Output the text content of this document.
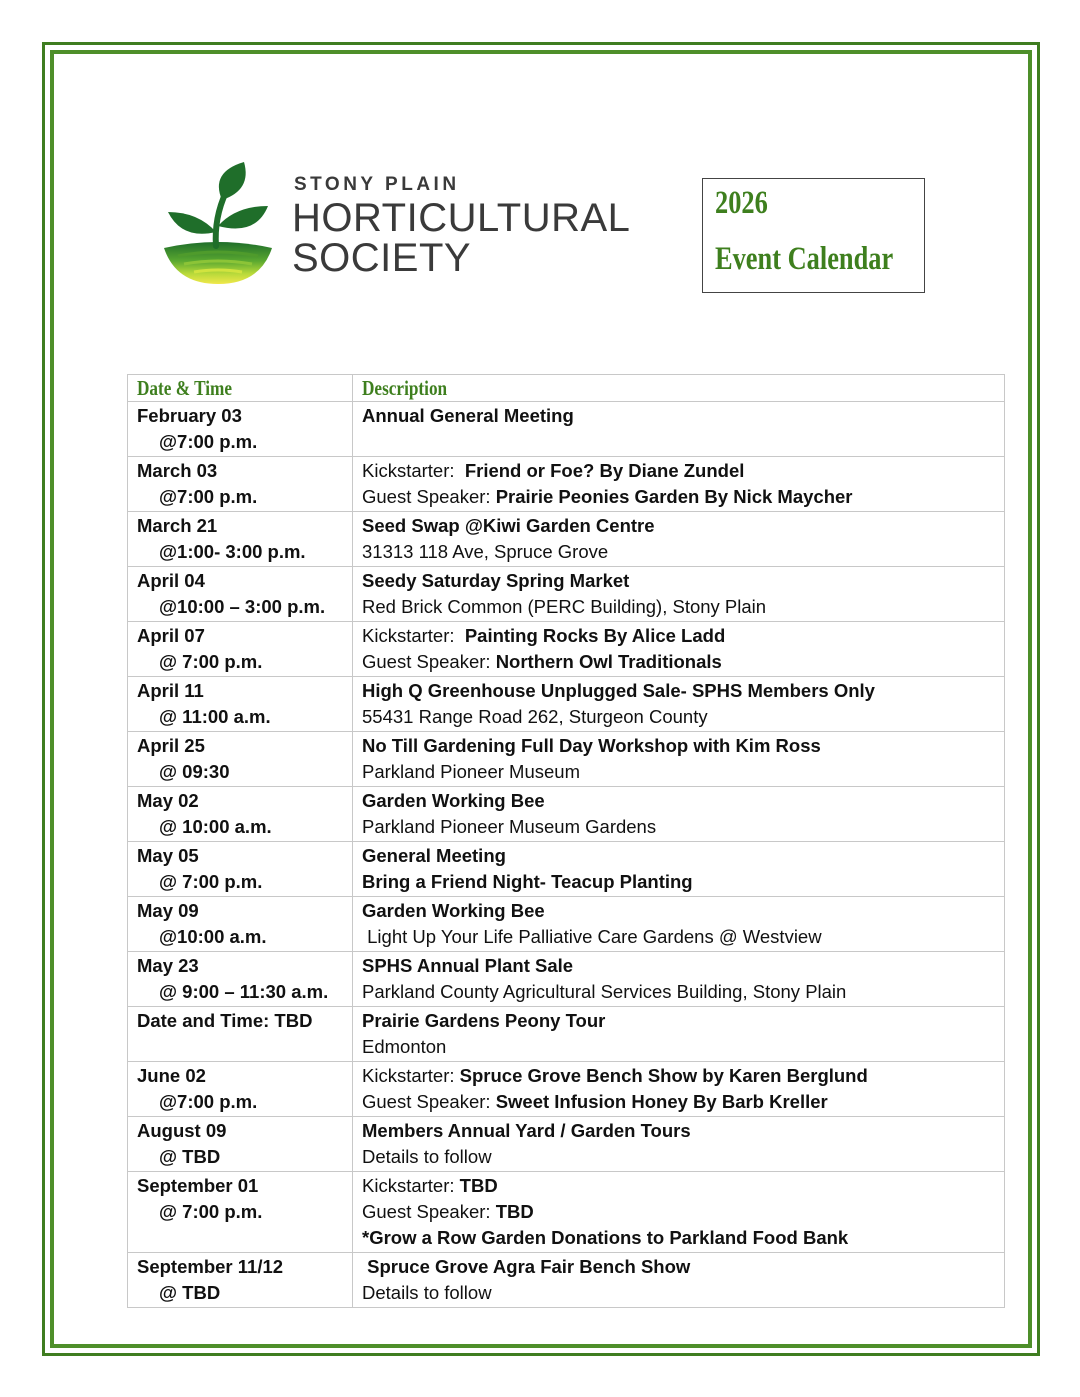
STONY PLAIN
HORTICULTURAL
SOCIETY
2026
Event Calendar
Date & Time	Description

February 03
@7:00 p.m.	Annual General Meeting

March 03
@7:00 p.m.	Kickstarter:  Friend or Foe? By Diane Zundel
Guest Speaker: Prairie Peonies Garden By Nick Maycher

March 21
@1:00- 3:00 p.m.	Seed Swap @Kiwi Garden Centre
31313 118 Ave, Spruce Grove

April 04
@10:00 – 3:00 p.m.	Seedy Saturday Spring Market
Red Brick Common (PERC Building), Stony Plain

April 07
@ 7:00 p.m.	Kickstarter:  Painting Rocks By Alice Ladd
Guest Speaker: Northern Owl Traditionals

April 11
@ 11:00 a.m.	High Q Greenhouse Unplugged Sale- SPHS Members Only
55431 Range Road 262, Sturgeon County

April 25
@ 09:30	No Till Gardening Full Day Workshop with Kim Ross
Parkland Pioneer Museum

May 02
@ 10:00 a.m.	Garden Working Bee
Parkland Pioneer Museum Gardens

May 05
@ 7:00 p.m.	General Meeting
Bring a Friend Night- Teacup Planting

May 09
@10:00 a.m.	Garden Working Bee
Light Up Your Life Palliative Care Gardens @ Westview

May 23
@ 9:00 – 11:30 a.m.	SPHS Annual Plant Sale
Parkland County Agricultural Services Building, Stony Plain

Date and Time: TBD	Prairie Gardens Peony Tour
Edmonton

June 02
@7:00 p.m.	Kickstarter: Spruce Grove Bench Show by Karen Berglund
Guest Speaker: Sweet Infusion Honey By Barb Kreller

August 09
@ TBD	Members Annual Yard / Garden Tours
Details to follow

September 01
@ 7:00 p.m.	Kickstarter: TBD
Guest Speaker: TBD
*Grow a Row Garden Donations to Parkland Food Bank

September 11/12
@ TBD	Spruce Grove Agra Fair Bench Show
Details to follow
